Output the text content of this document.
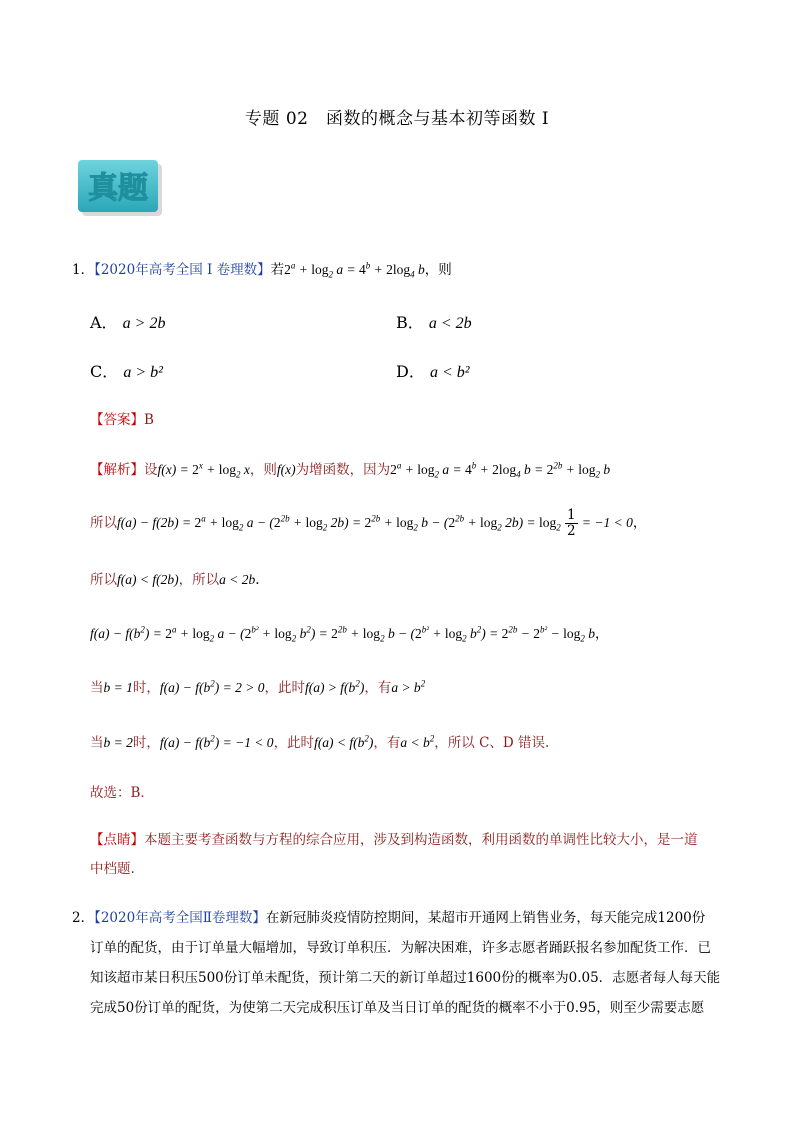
专题 02　函数的概念与基本初等函数 I
真题
1．【2020年高考全国 I 卷理数】若$2^a + \log_2 a = 4^b + 2\log_4$ b，则
A． a > 2b	B． a < 2b
C． a > b²	D． a < b²
【答案】B
【解析】设$f(x) = 2^x + \log_2 x$，则f(x)为增函数，因为$2^a + \log_2 a = 4^b + 2\log_4$ $b = 2^{2b} + \log_2 b$
所以$f(a) - f(2b) = 2^a + \log_2 a - (2^{2b} + \log_2 2b) = 2^{2b} + \log_2 b - (2^{2b} + \log_2 2b) = \log_2 \frac{1}{2} = -1 < 0$，
所以f(a) < f(2b)，所以a < 2b.
$f(a) - f(b^2) = 2^a + \log_2 a - (2^{b^2} + \log_2 b^2) = 2^{2b} + \log_2 b - (2^{b^2} + \log_2 b^2) = 2^{2b} - 2^{b^2} - \log_2 b$，
当b = 1时，$f(a) - f(b^2) = 2 > 0$，此时$f(a) > f(b^2)$，有$a > b^2$
当b = 2时，$f(a) - f(b^2) = -1 < 0$，此时$f(a) < f(b^2)$，有$a < b^2$，所以 C、D 错误.
故选：B．
【点睛】本题主要考查函数与方程的综合应用，涉及到构造函数，利用函数的单调性比较大小，是一道
中档题.
2．【2020年高考全国Ⅱ卷理数】在新冠肺炎疫情防控期间，某超市开通网上销售业务，每天能完成1200份
订单的配货，由于订单量大幅增加，导致订单积压．为解决困难，许多志愿者踊跃报名参加配货工作．已
知该超市某日积压500份订单未配货，预计第二天的新订单超过1600份的概率为0.05．志愿者每人每天能
完成50份订单的配货，为使第二天完成积压订单及当日订单的配货的概率不小于0.95，则至少需要志愿
